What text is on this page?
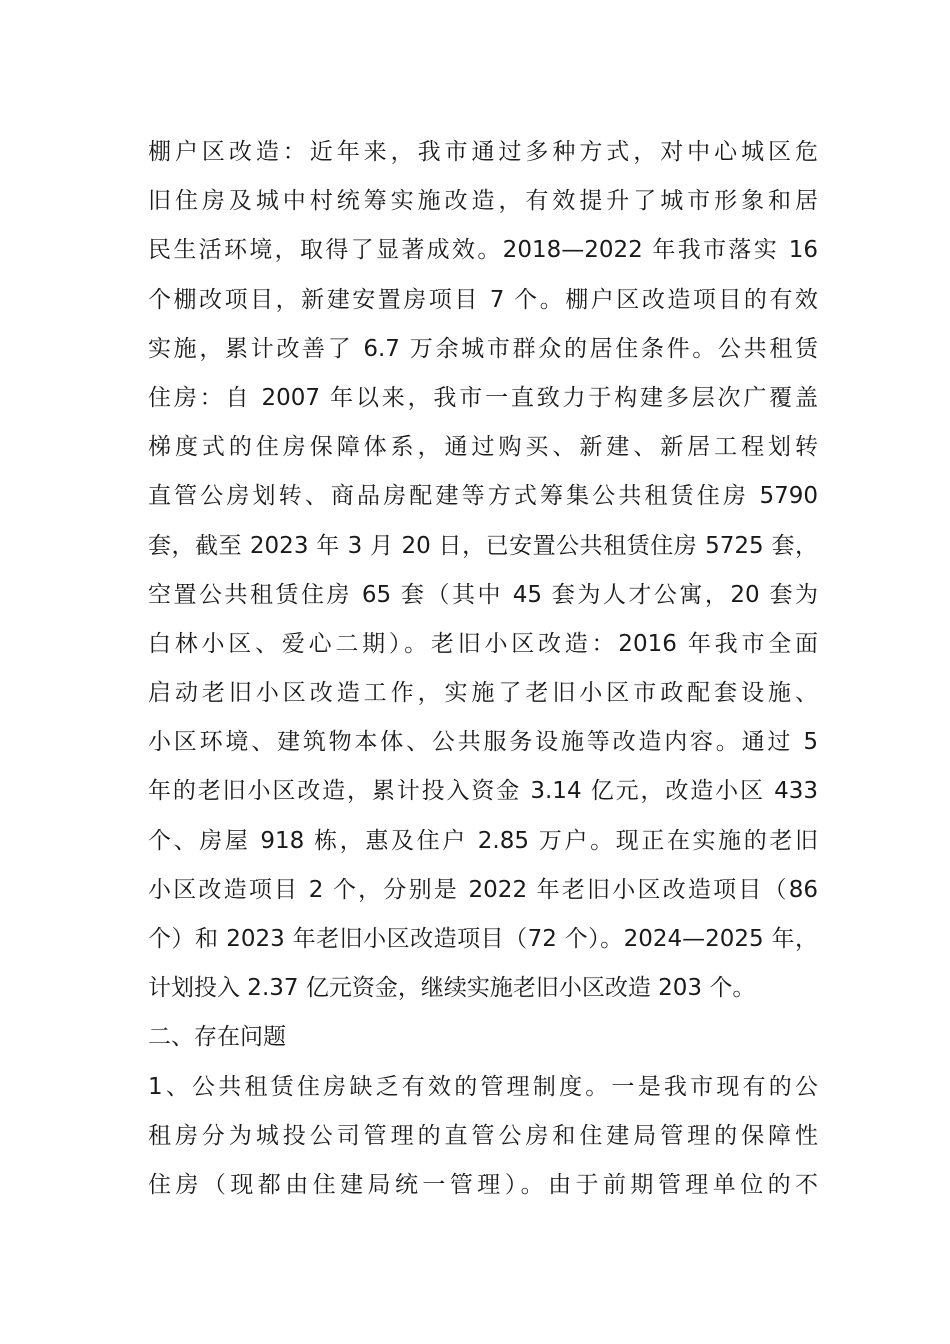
棚户区改造：近年来，我市通过多种方式，对中心城区危
旧住房及城中村统筹实施改造，有效提升了城市形象和居
民生活环境，取得了显著成效。2018—2022 年我市落实 16
个棚改项目，新建安置房项目 7 个。棚户区改造项目的有效
实施，累计改善了 6.7 万余城市群众的居住条件。公共租赁
住房：自 2007 年以来，我市一直致力于构建多层次广覆盖
梯度式的住房保障体系，通过购买、新建、新居工程划转
直管公房划转、商品房配建等方式筹集公共租赁住房 5790
套，截至 2023 年 3 月 20 日，已安置公共租赁住房 5725 套，
空置公共租赁住房 65 套（其中 45 套为人才公寓，20 套为
白林小区、爱心二期）。老旧小区改造：2016 年我市全面
启动老旧小区改造工作，实施了老旧小区市政配套设施、
小区环境、建筑物本体、公共服务设施等改造内容。通过 5
年的老旧小区改造，累计投入资金 3.14 亿元，改造小区 433
个、房屋 918 栋，惠及住户 2.85 万户。现正在实施的老旧
小区改造项目 2 个，分别是 2022 年老旧小区改造项目（86
个）和 2023 年老旧小区改造项目（72 个）。2024—2025 年，
计划投入 2.37 亿元资金，继续实施老旧小区改造 203 个。
二、存在问题
1、公共租赁住房缺乏有效的管理制度。一是我市现有的公
租房分为城投公司管理的直管公房和住建局管理的保障性
住房（现都由住建局统一管理）。由于前期管理单位的不
